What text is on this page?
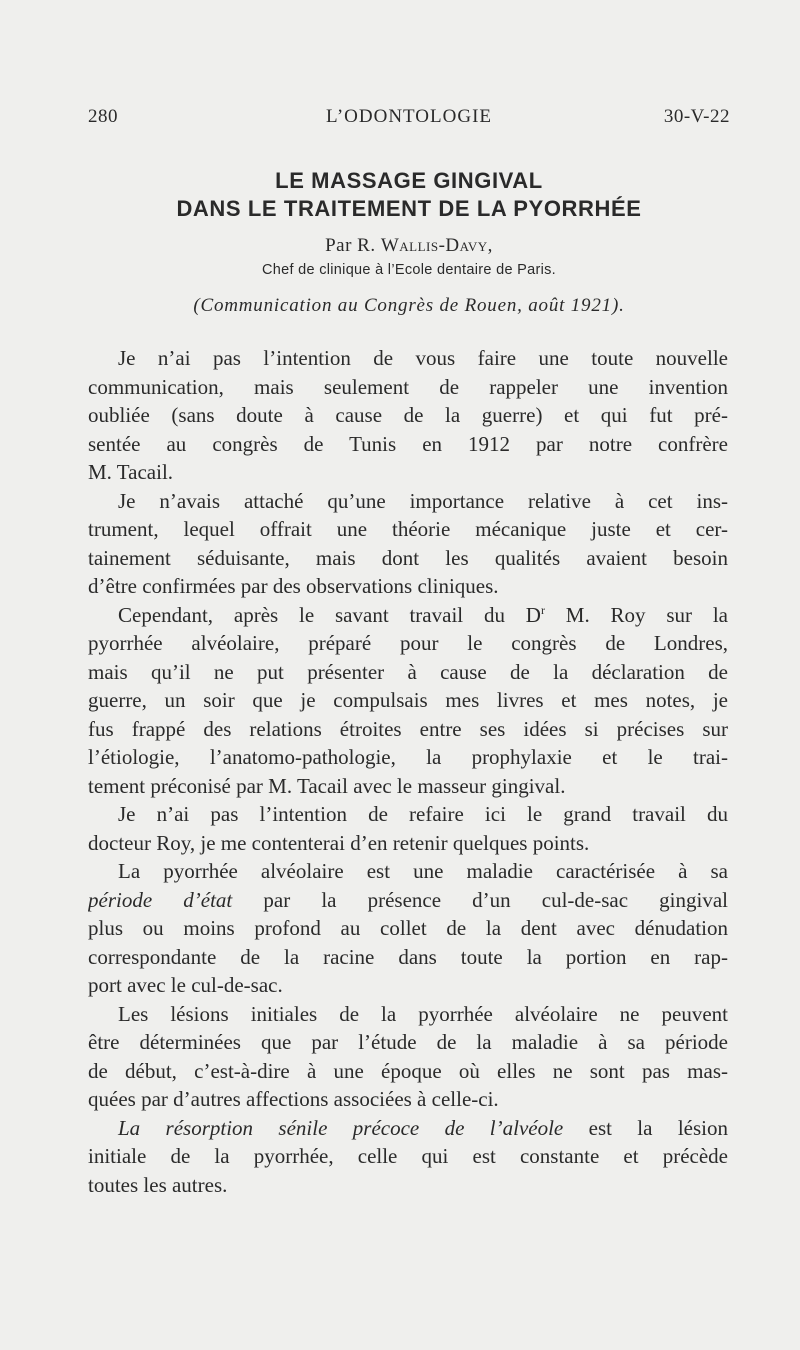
280	L’ODONTOLOGIE	30-V-22
LE MASSAGE GINGIVAL
DANS LE TRAITEMENT DE LA PYORRHÉE
Par R. Wallis-Davy,
Chef de clinique à l’Ecole dentaire de Paris.
(Communication au Congrès de Rouen, août 1921).
Je n’ai pas l’intention de vous faire une toute nouvelle
communication, mais seulement de rappeler une invention
oubliée (sans doute à cause de la guerre) et qui fut pré-
sentée au congrès de Tunis en 1912 par notre confrère
M. Tacail.
Je n’avais attaché qu’une importance relative à cet ins-
trument, lequel offrait une théorie mécanique juste et cer-
tainement séduisante, mais dont les qualités avaient besoin
d’être confirmées par des observations cliniques.
Cependant, après le savant travail du $D^r$ M. Roy sur la
pyorrhée alvéolaire, préparé pour le congrès de Londres,
mais qu’il ne put présenter à cause de la déclaration de
guerre, un soir que je compulsais mes livres et mes notes, je
fus frappé des relations étroites entre ses idées si précises sur
l’étiologie, l’anatomo-pathologie, la prophylaxie et le trai-
tement préconisé par M. Tacail avec le masseur gingival.
Je n’ai pas l’intention de refaire ici le grand travail du
docteur Roy, je me contenterai d’en retenir quelques points.
La pyorrhée alvéolaire est une maladie caractérisée à sa
période d’état par la présence d’un cul-de-sac gingival
plus ou moins profond au collet de la dent avec dénudation
correspondante de la racine dans toute la portion en rap-
port avec le cul-de-sac.
Les lésions initiales de la pyorrhée alvéolaire ne peuvent
être déterminées que par l’étude de la maladie à sa période
de début, c’est-à-dire à une époque où elles ne sont pas mas-
quées par d’autres affections associées à celle-ci.
La résorption sénile précoce de l’alvéole est la lésion
initiale de la pyorrhée, celle qui est constante et précède
toutes les autres.
